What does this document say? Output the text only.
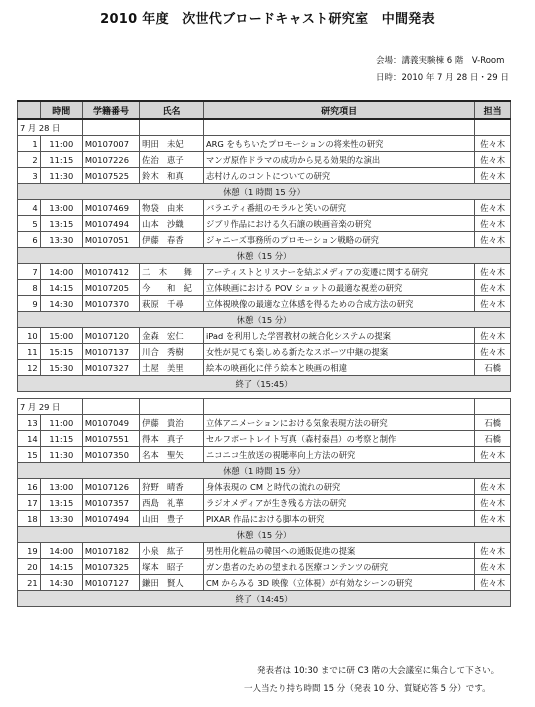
2010 年度　次世代ブロードキャスト研究室　中間発表
会場：講義実験棟 6 階　V-Room
日時：2010 年 7 月 28 日・29 日
	時間	学籍番号	氏名	研究項目	担当
7 月 28 日					
1	11:00	M0107007	明田　未妃	ARG をもちいたプロモーションの将来性の研究	佐々木
2	11:15	M0107226	佐治　恵子	マンガ原作ドラマの成功から見る効果的な演出	佐々木
3	11:30	M0107525	鈴木　和真	志村けんのコントについての研究	佐々木
休憩（1 時間 15 分）					
4	13:00	M0107469	物袋　由来	バラエティ番組のモラルと笑いの研究	佐々木
5	13:15	M0107494	山本　沙織	ジブリ作品における久石譲の映画音楽の研究	佐々木
6	13:30	M0107051	伊藤　春香	ジャニーズ事務所のプロモーション戦略の研究	佐々木
休憩（15 分）					
7	14:00	M0107412	二　木　　舞	アーティストとリスナーを結ぶメディアの変遷に関する研究	佐々木
8	14:15	M0107205	今　　和　紀	立体映画における POV ショットの最適な視差の研究	佐々木
9	14:30	M0107370	萩原　千尋	立体視映像の最適な立体感を得るための合成方法の研究	佐々木
休憩（15 分）					
10	15:00	M0107120	金森　宏仁	iPad を利用した学習教材の統合化システムの提案	佐々木
11	15:15	M0107137	川合　秀樹	女性が見ても楽しめる新たなスポーツ中継の提案	佐々木
12	15:30	M0107327	土屋　美里	絵本の映画化に伴う絵本と映画の相違	石橋
終了（15:45）					

7 月 29 日					
13	11:00	M0107049	伊藤　貴治	立体アニメーションにおける気象表現方法の研究	石橋
14	11:15	M0107551	得本　真子	セルフポートレイト写真（森村泰昌）の考察と制作	石橋
15	11:30	M0107350	名本　聖矢	ニコニコ生放送の視聴率向上方法の研究	佐々木
休憩（1 時間 15 分）					
16	13:00	M0107126	狩野　晴香	身体表現の CM と時代の流れの研究	佐々木
17	13:15	M0107357	西島　礼華	ラジオメディアが生き残る方法の研究	佐々木
18	13:30	M0107494	山田　豊子	PIXAR 作品における脚本の研究	佐々木
休憩（15 分）					
19	14:00	M0107182	小泉　紘子	男性用化粧品の韓国への通販促進の提案	佐々木
20	14:15	M0107325	塚本　昭子	ガン患者のための望まれる医療コンテンツの研究	佐々木
21	14:30	M0107127	鎌田　賢人	CM からみる 3D 映像（立体視）が有効なシーンの研究	佐々木
終了（14:45）					
発表者は 10:30 までに研 C3 階の大会議室に集合して下さい。
一人当たり持ち時間 15 分（発表 10 分、質疑応答 5 分）です。
